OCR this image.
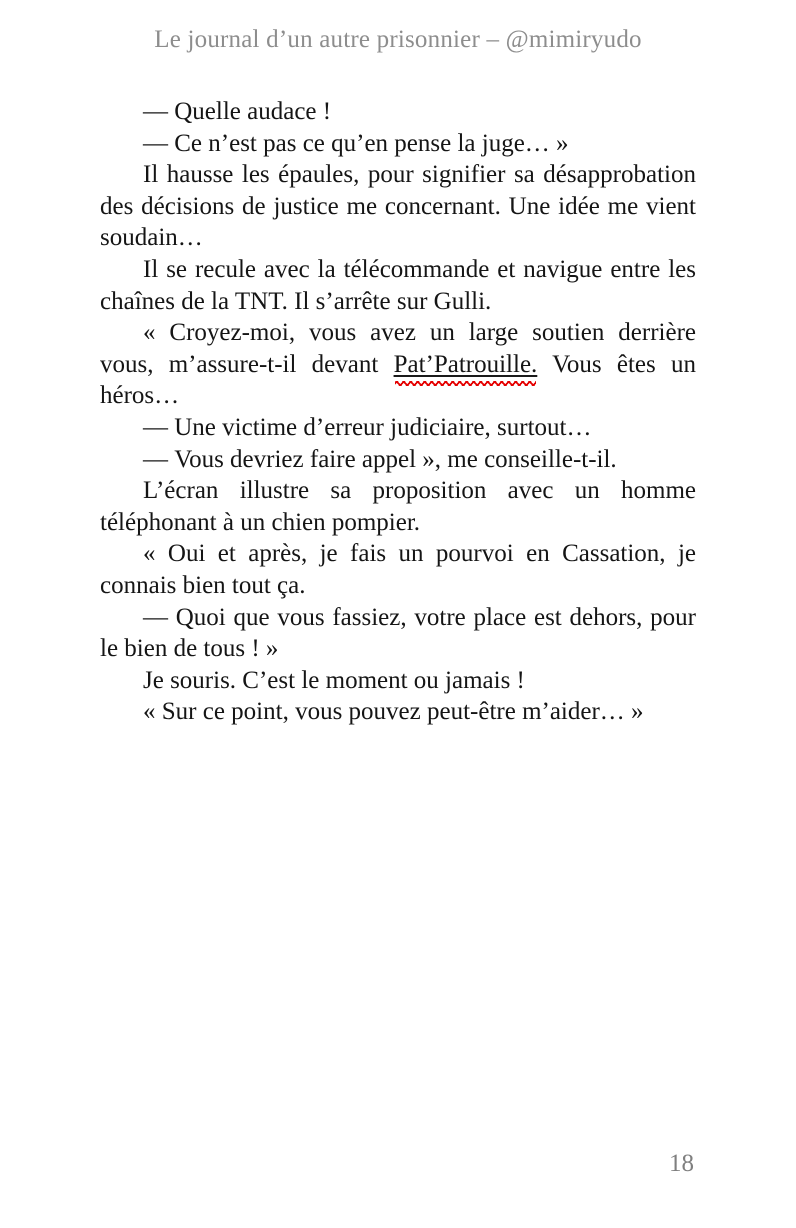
Le journal d’un autre prisonnier – @mimiryudo

— Quelle audace !

— Ce n’est pas ce qu’en pense la juge… »

Il hausse les épaules, pour signifier sa désapprobation des décisions de justice me concernant. Une idée me vient soudain…

Il se recule avec la télécommande et navigue entre les chaînes de la TNT. Il s’arrête sur Gulli.

« Croyez-moi, vous avez un large soutien derrière vous, m’assure-t-il devant Pat’Patrouille. Vous êtes un héros…

— Une victime d’erreur judiciaire, surtout…

— Vous devriez faire appel », me conseille-t-il.

L’écran illustre sa proposition avec un homme téléphonant à un chien pompier.

« Oui et après, je fais un pourvoi en Cassation, je connais bien tout ça.

— Quoi que vous fassiez, votre place est dehors, pour le bien de tous ! »

Je souris. C’est le moment ou jamais !

« Sur ce point, vous pouvez peut-être m’aider… »

18
